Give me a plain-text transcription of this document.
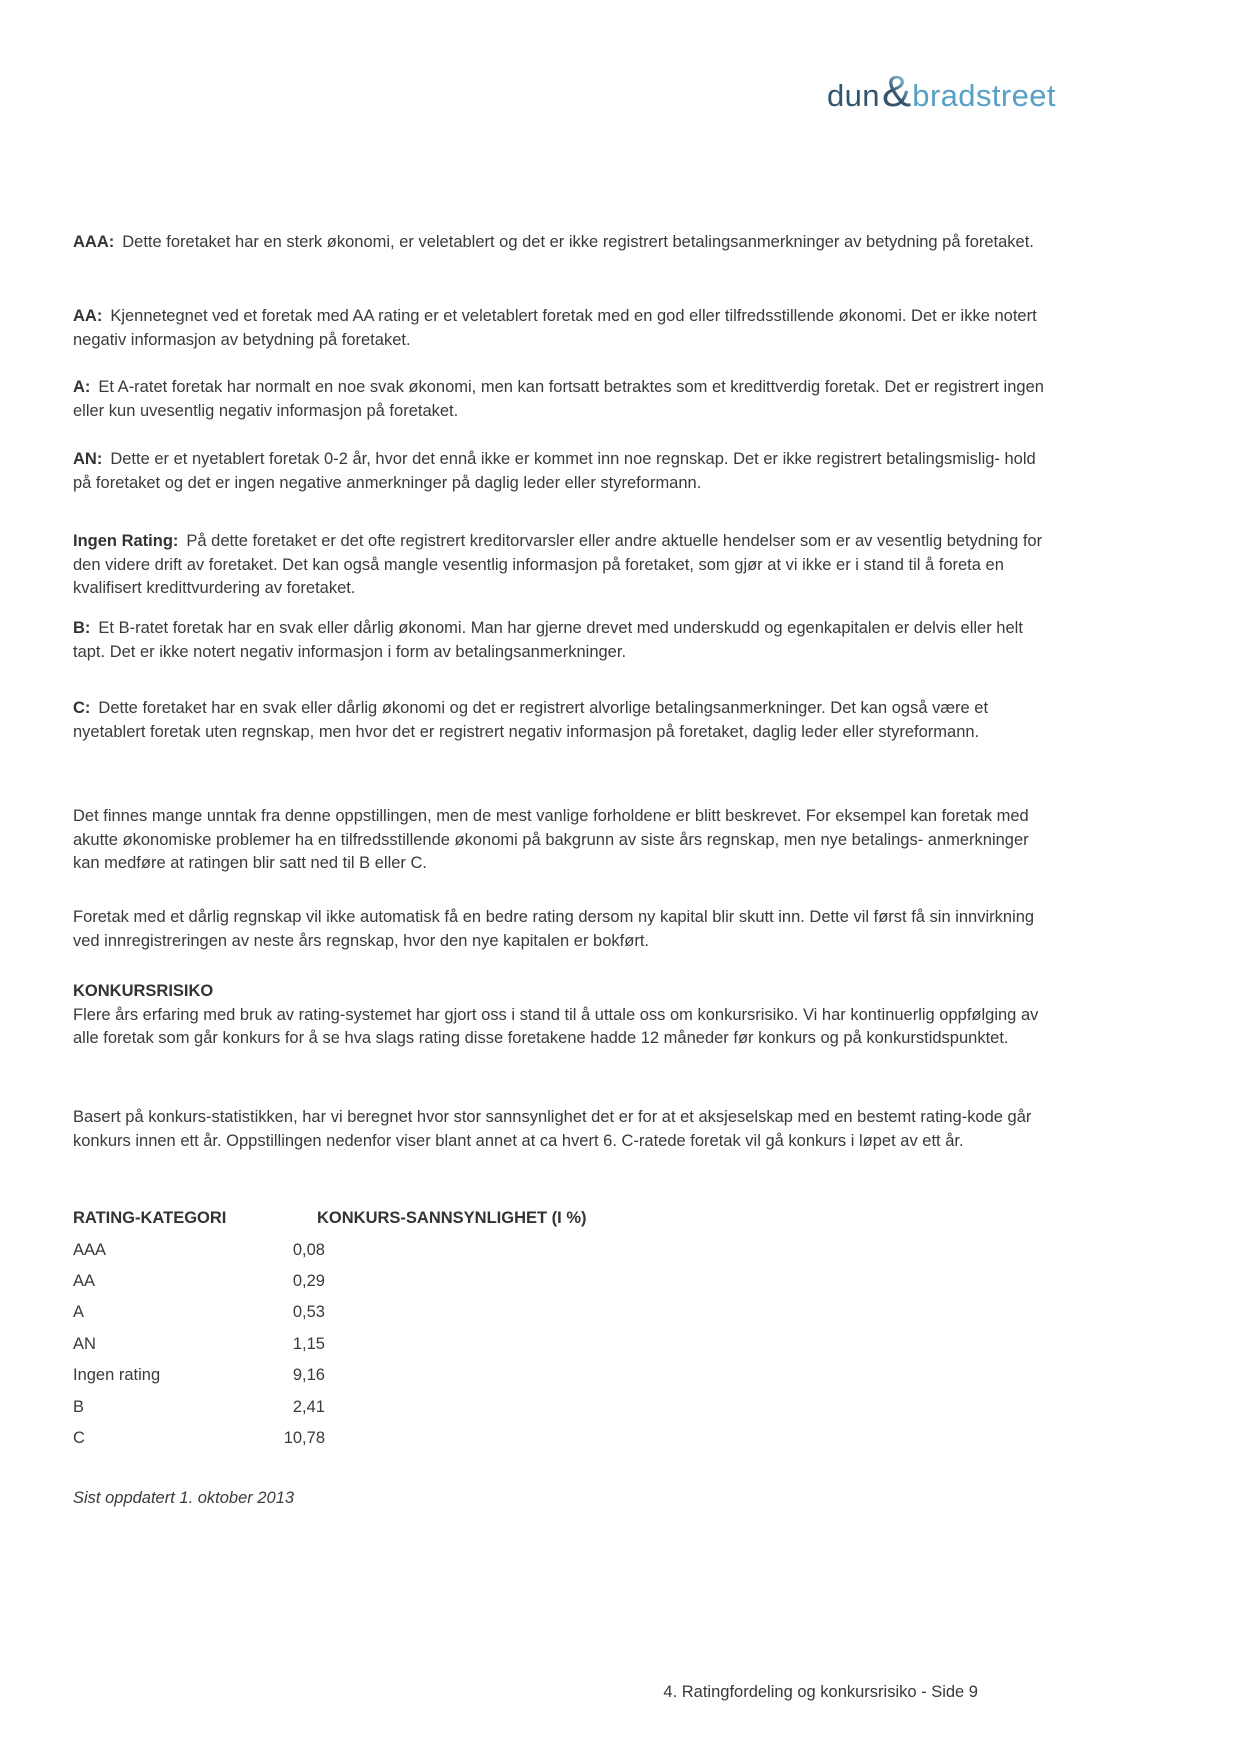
dun & bradstreet

AAA: Dette foretaket har en sterk økonomi, er veletablert og det er ikke registrert betalingsanmerkninger av betydning på foretaket.

AA: Kjennetegnet ved et foretak med AA rating er et veletablert foretak med en god eller tilfredsstillende økonomi. Det er ikke notert negativ informasjon av betydning på foretaket.

A: Et A-ratet foretak har normalt en noe svak økonomi, men kan fortsatt betraktes som et kredittverdig foretak. Det er registrert ingen eller kun uvesentlig negativ informasjon på foretaket.

AN: Dette er et nyetablert foretak 0-2 år, hvor det ennå ikke er kommet inn noe regnskap. Det er ikke registrert betalingsmislig- hold på foretaket og det er ingen negative anmerkninger på daglig leder eller styreformann.

Ingen Rating: På dette foretaket er det ofte registrert kreditorvarsler eller andre aktuelle hendelser som er av vesentlig betydning for den videre drift av foretaket. Det kan også mangle vesentlig informasjon på foretaket, som gjør at vi ikke er i stand til å foreta en kvalifisert kredittvurdering av foretaket.

B: Et B-ratet foretak har en svak eller dårlig økonomi. Man har gjerne drevet med underskudd og egenkapitalen er delvis eller helt tapt. Det er ikke notert negativ informasjon i form av betalingsanmerkninger.

C: Dette foretaket har en svak eller dårlig økonomi og det er registrert alvorlige betalingsanmerkninger. Det kan også være et nyetablert foretak uten regnskap, men hvor det er registrert negativ informasjon på foretaket, daglig leder eller styreformann.

Det finnes mange unntak fra denne oppstillingen, men de mest vanlige forholdene er blitt beskrevet. For eksempel kan foretak med akutte økonomiske problemer ha en tilfredsstillende økonomi på bakgrunn av siste års regnskap, men nye betalings- anmerkninger kan medføre at ratingen blir satt ned til B eller C.

Foretak med et dårlig regnskap vil ikke automatisk få en bedre rating dersom ny kapital blir skutt inn. Dette vil først få sin innvirkning ved innregistreringen av neste års regnskap, hvor den nye kapitalen er bokført.

KONKURSRISIKO
Flere års erfaring med bruk av rating-systemet har gjort oss i stand til å uttale oss om konkursrisiko. Vi har kontinuerlig oppfølging av alle foretak som går konkurs for å se hva slags rating disse foretakene hadde 12 måneder før konkurs og på konkurstidspunktet.

Basert på konkurs-statistikken, har vi beregnet hvor stor sannsynlighet det er for at et aksjeselskap med en bestemt rating-kode går konkurs innen ett år. Oppstillingen nedenfor viser blant annet at ca hvert 6. C-ratede foretak vil gå konkurs i løpet av ett år.

RATING-KATEGORI	KONKURS-SANNSYNLIGHET (I %)
AAA	0,08
AA	0,29
A	0,53
AN	1,15
Ingen rating	9,16
B	2,41
C	10,78

Sist oppdatert 1. oktober 2013

4. Ratingfordeling og konkursrisiko - Side 9
